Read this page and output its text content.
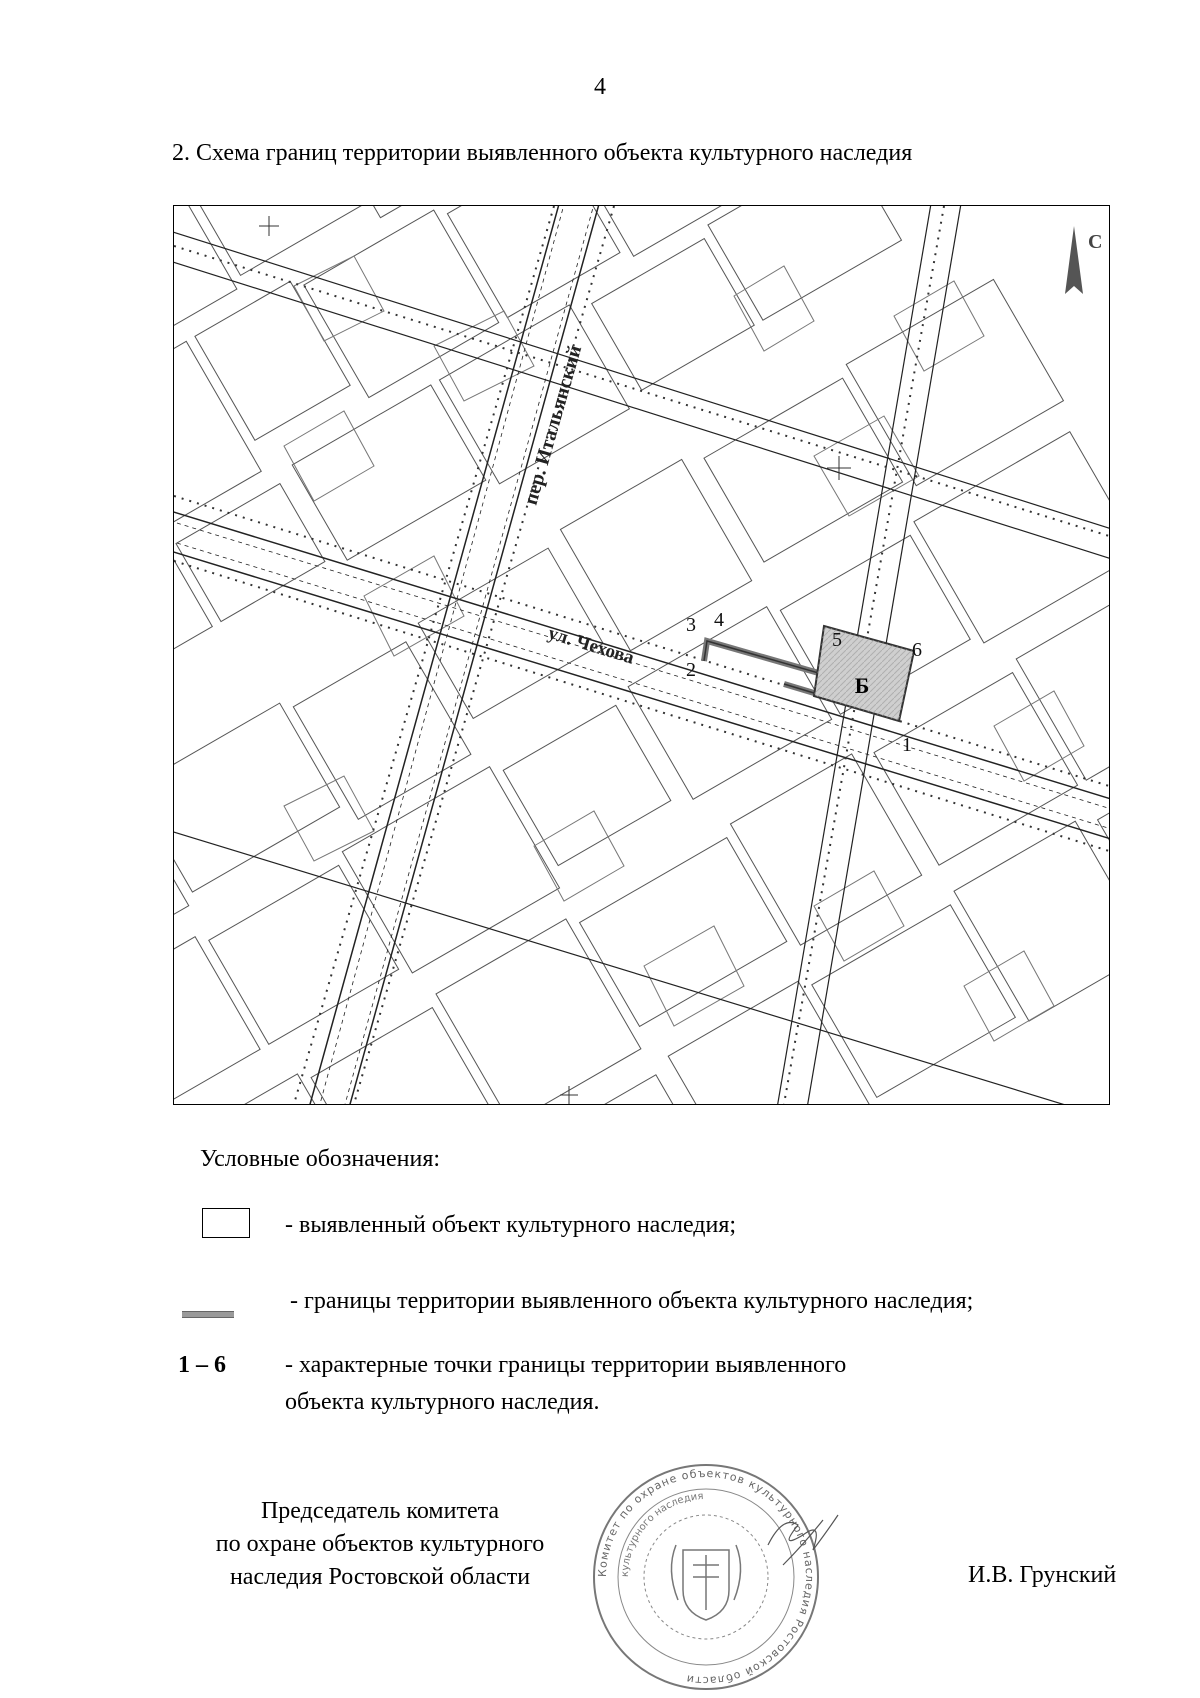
4
2. Схема границ территории выявленного объекта культурного наследия
Б
1
2
3 4
5	6
пер. Итальянский
ул. Чехова
С
Условные обозначения:
- выявленный объект культурного наследия;
- границы территории выявленного объекта культурного наследия;
1 – 6 - характерные точки границы территории выявленного
объекта культурного наследия.
Председатель комитета
по охране объектов культурного
наследия Ростовской области	Комитет по охране объектов культурного наследия Ростовской области
культурного наследия
И.В. Грунский
